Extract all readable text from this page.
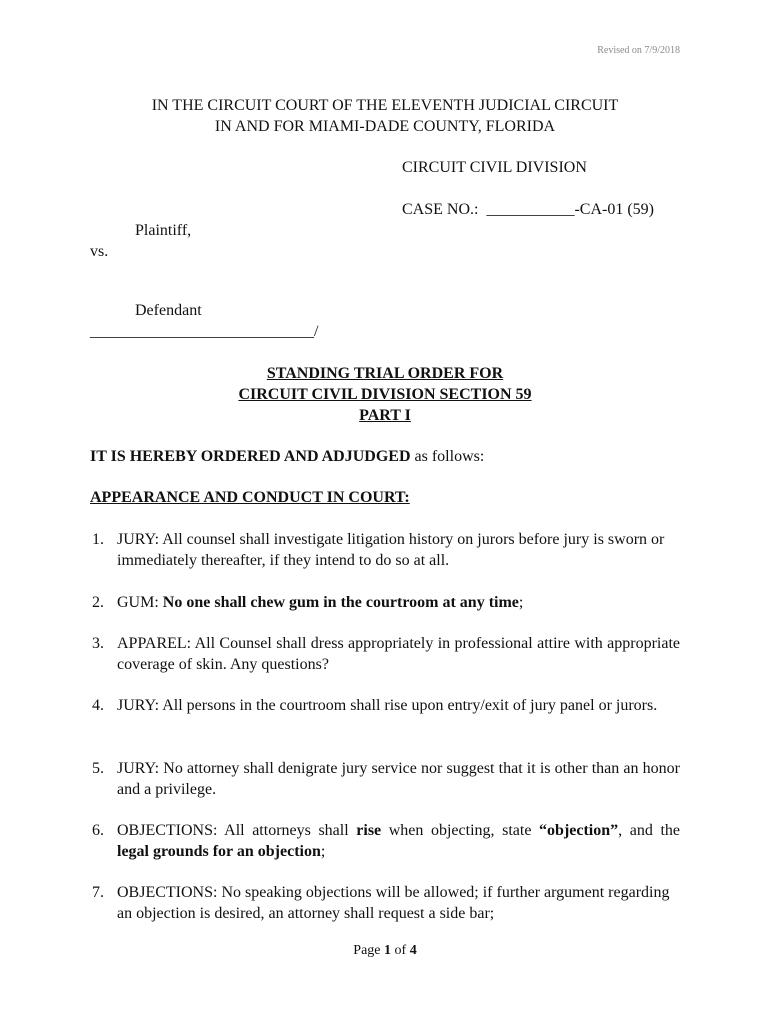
Revised on 7/9/2018
IN THE CIRCUIT COURT OF THE ELEVENTH JUDICIAL CIRCUIT
IN AND FOR MIAMI-DADE COUNTY, FLORIDA
CIRCUIT CIVIL DIVISION
CASE NO.: ___________-CA-01 (59)
Plaintiff,
vs.
Defendant
____________________________/
STANDING TRIAL ORDER FOR
CIRCUIT CIVIL DIVISION SECTION 59
PART I
IT IS HEREBY ORDERED AND ADJUDGED as follows:
APPEARANCE AND CONDUCT IN COURT:
1. JURY: All counsel shall investigate litigation history on jurors before jury is sworn or immediately thereafter, if they intend to do so at all.
2. GUM: No one shall chew gum in the courtroom at any time;
3. APPAREL: All Counsel shall dress appropriately in professional attire with appropriate coverage of skin. Any questions?
4. JURY: All persons in the courtroom shall rise upon entry/exit of jury panel or jurors.
5. JURY: No attorney shall denigrate jury service nor suggest that it is other than an honor and a privilege.
6. OBJECTIONS: All attorneys shall rise when objecting, state “objection”, and the legal grounds for an objection;
7. OBJECTIONS: No speaking objections will be allowed; if further argument regarding an objection is desired, an attorney shall request a side bar;
Page 1 of 4
